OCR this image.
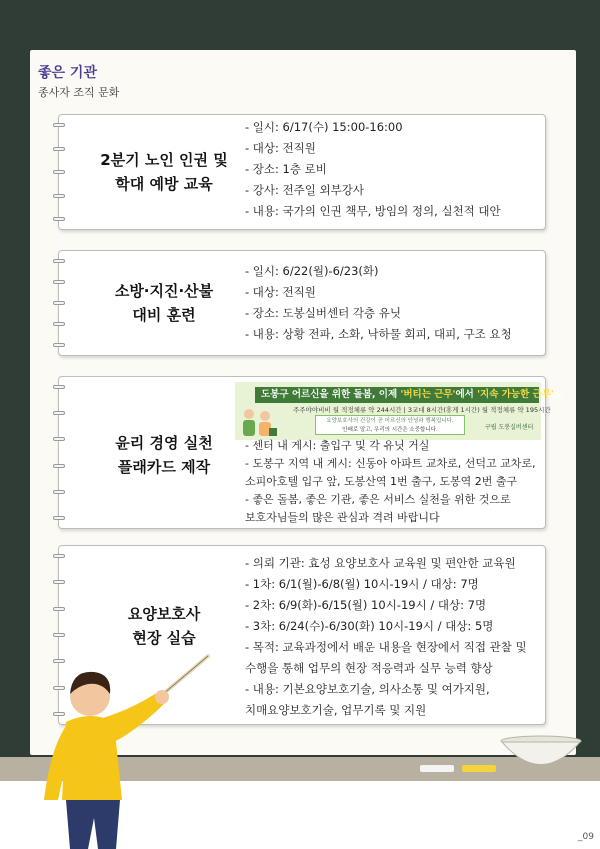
좋은 기관
종사자 조직 문화
2분기 노인 인권 및
학대 예방 교육
- 일시: 6/17(수) 15:00-16:00
- 대상: 전직원
- 장소: 1층 로비
- 강사: 전주일 외부강사
- 내용: 국가의 인권 책무, 방임의 정의, 실천적 대안
소방·지진·산불
대비 훈련
- 일시: 6/22(월)-6/23(화)
- 대상: 전직원
- 장소: 도봉실버센터 각층 유닛
- 내용: 상황 전파, 소화, 낙하물 회피, 대피, 구조 요청
윤리 경영 실천
플래카드 제작
도봉구 어르신을 위한 돌봄, 이제 '버티는 근무'에서 '지속 가능한 근무'로
주주야야비비 월 적정체류 약 244시간 | 3교대 8시간(휴게 1시간) 월 적정체류 약 195시간
요양보호사의 건강이 곧 어르신의 안녕과 행복입니다.
안배로 알고, 우리의 시간은 소중합니다.	구립 도봉실버센터
- 센터 내 게시: 출입구 및 각 유닛 거실
- 도봉구 지역 내 게시: 신동아 아파트 교차로, 선덕고 교차로,
소피아호텔 입구 앞, 도봉산역 1번 출구, 도봉역 2번 출구
- 좋은 돌봄, 좋은 기관, 좋은 서비스 실천을 위한 것으로
보호자님들의 많은 관심과 격려 바랍니다
요양보호사
현장 실습
- 의뢰 기관: 효성 요양보호사 교육원 및 편안한 교육원
- 1차: 6/1(월)-6/8(월) 10시-19시 / 대상: 7명
- 2차: 6/9(화)-6/15(월) 10시-19시 / 대상: 7명
- 3차: 6/24(수)-6/30(화) 10시-19시 / 대상: 5명
- 목적: 교육과정에서 배운 내용을 현장에서 직접 관찰 및
수행을 통해 업무의 현장 적응력과 실무 능력 향상
- 내용: 기본요양보호기술, 의사소통 및 여가지원,
치매요양보호기술, 업무기록 및 지원
_09
